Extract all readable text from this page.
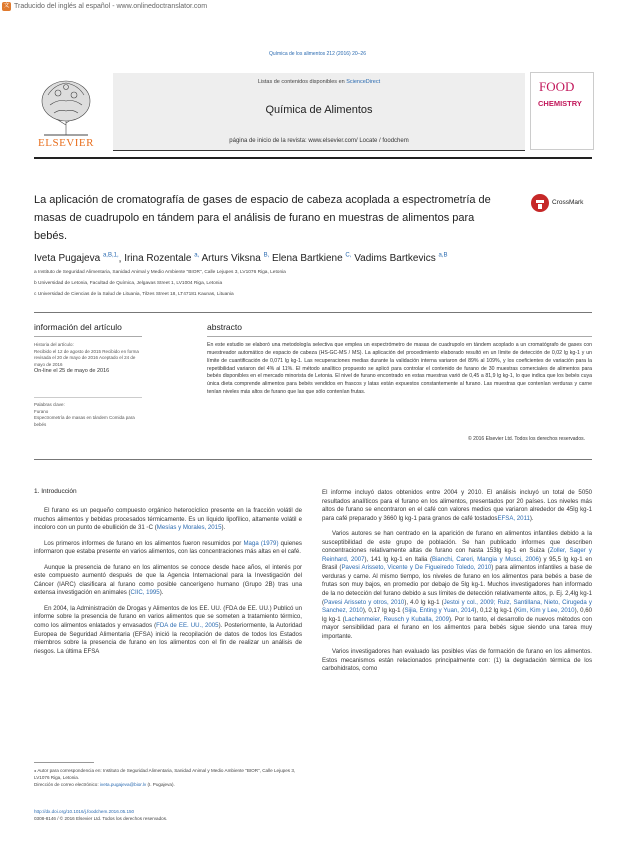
文 Traducido del inglés al español - www.onlinedoctranslator.com
Química de los alimentos 212 (2016) 20–26
ELSEVIER
Listas de contenidos disponibles en ScienceDirect
Química de Alimentos
página de inicio de la revista: www.elsevier.com/ Locate / foodchem
FOOD
CHEMISTRY
La aplicación de cromatografía de gases de espacio de cabeza acoplada a espectrometría de masas de cuadrupolo en tándem para el análisis de furano en muestras de alimentos para bebés.
CrossMark
Iveta Pugajeva $^{a,B,1,}$, Irina Rozentale $^{a,}$ Arturs Viksna $^{B,}$ Elena Bartkiene $^{C,}$ Vadims Bartkevics $^{a,B}$
a Instituto de Seguridad Alimentaria, Sanidad Animal y Medio Ambiente "BIOR", Calle Lejupes 3, LV1076 Riga, Letonia
b Universidad de Letonia, Facultad de Química, Jelgavas Street 1, LV1004 Riga, Letonia
c Universidad de Ciencias de la Salud de Lituania, Tilzes Street 18, LT47181 Kaunas, Lituania
información del artículo	abstracto
Historia del artículo:
Recibido el 12 de agosto de 2015 Recibido en forma revisada el 20 de mayo de 2016 Aceptado el 24 de mayo de 2016
On-line el 25 de mayo de 2016
Palabras clave:
Furano
Espectrometría de masas en tándem Comida para bebés
En este estudio se elaboró una metodología selectiva que emplea un espectrómetro de masas de cuadrupolo en tándem acoplado a un cromatógrafo de gases con muestreador automático de espacio de cabeza (HS-GC-MS / MS). La aplicación del procedimiento elaborado resultó en un límite de detección de 0,02 lg kg-1 y un límite de cuantificación de 0,071 lg kg-1. Las recuperaciones medias durante la validación interna variaron del 89% al 109%, y los coeficientes de variación para la repetibilidad variaron del 4% al 11%. El método analítico propuesto se aplicó para controlar el contenido de furano de 30 muestras comerciales de alimentos para bebés disponibles en el mercado minorista de Letonia. El nivel de furano encontrado en estas muestras varió de 0,45 a 81,9 lg kg-1, lo que indica que los bebés cuya única dieta comprende alimentos para bebés vendidos en frascos y latas están expuestos constantemente al furano. Las muestras que contenían verduras y carne tenían niveles más altos de furano que las que sólo contenían frutas.
© 2016 Elsevier Ltd. Todos los derechos reservados.
1. Introducción

El furano es un pequeño compuesto orgánico heterocíclico presente en la fracción volátil de muchos alimentos y bebidas procesados térmicamente. Es un líquido lipofílico, altamente volátil e incoloro con un punto de ebullición de 31 ◦C (Mesías y Morales, 2015).

Los primeros informes de furano en los alimentos fueron resumidos por Maga (1979) quienes informaron que estaba presente en varios alimentos, con las concentraciones más altas en el café.

Aunque la presencia de furano en los alimentos se conoce desde hace años, el interés por este compuesto aumentó después de que la Agencia Internacional para la Investigación del Cáncer (IARC) clasificara al furano como posible cancerígeno humano (Grupo 2B) tras una extensa investigación en animales (CIIC, 1995).

En 2004, la Administración de Drogas y Alimentos de los EE. UU. (FDA de EE. UU.) Publicó un informe sobre la presencia de furano en varios alimentos que se someten a tratamiento térmico, como los alimentos enlatados y envasados (FDA de EE. UU., 2005). Posteriormente, la Autoridad Europea de Seguridad Alimentaria (EFSA) inició la recopilación de datos de todos los Estados miembros sobre la presencia de furano en los alimentos con el fin de realizar un análisis de riesgos. La última EFSA

El informe incluyó datos obtenidos entre 2004 y 2010. El análisis incluyó un total de 5050 resultados analíticos para el furano en los alimentos, presentados por 20 países. Los niveles más altos de furano se encontraron en el café con valores medios que variaron alrededor de 45lg kg-1 para café preparado y 3660 lg kg-1 para granos de café tostadosEFSA, 2011).

Varios autores se han centrado en la aparición de furano en alimentos infantiles debido a la susceptibilidad de este grupo de población. Se han publicado informes que describen concentraciones relativamente altas de furano con hasta 153lg kg-1 en Suiza (Zoller, Sager y Reinhard, 2007), 141 lg kg-1 en Italia (Bianchi, Careri, Mangia y Musci, 2006) y 95,5 lg kg-1 en Brasil (Pavesi Arisseto, Vicente y De Figueiredo Toledo, 2010) para alimentos infantiles a base de verduras y carne. Al mismo tiempo, los niveles de furano en los alimentos para bebés a base de frutas son muy bajos, en promedio por debajo de 5lg kg-1. Muchos investigadores han informado de la no detección del furano debido a sus límites de detección relativamente altos, p. Ej. 2,4lg kg-1 (Pavesi Arisseto y otros, 2010), 4.0 lg kg-1 (Jestoi y col., 2009; Ruiz, Santillana, Nieto, Cirugeda y Sanchez, 2010), 0,17 lg kg-1 (Sijia, Enting y Yuan, 2014), 0,12 lg kg-1 (Kim, Kim y Lee, 2010), 0,60 lg kg-1 (Lachenmeier, Reusch y Kuballa, 2009). Por lo tanto, el desarrollo de nuevos métodos con mayor sensibilidad para el furano en los alimentos para bebés sigue siendo una tarea muy importante.

Varios investigadores han evaluado las posibles vías de formación de furano en los alimentos. Estos mecanismos están relacionados principalmente con: (1) la degradación térmica de los carbohidratos, como

⁎ Autor para correspondencia en: Instituto de Seguridad Alimentaria, Sanidad Animal y Medio Ambiente "BIOR", Calle Lejupes 3, LV1076 Riga, Letonia.
Dirección de correo electrónico: iveta.pugajeva@bior.lv (I. Pugajeva).
http://dx.doi.org/10.1016/j.foodchem.2016.05.150
0308-8146 / © 2016 Elsevier Ltd. Todos los derechos reservados.
